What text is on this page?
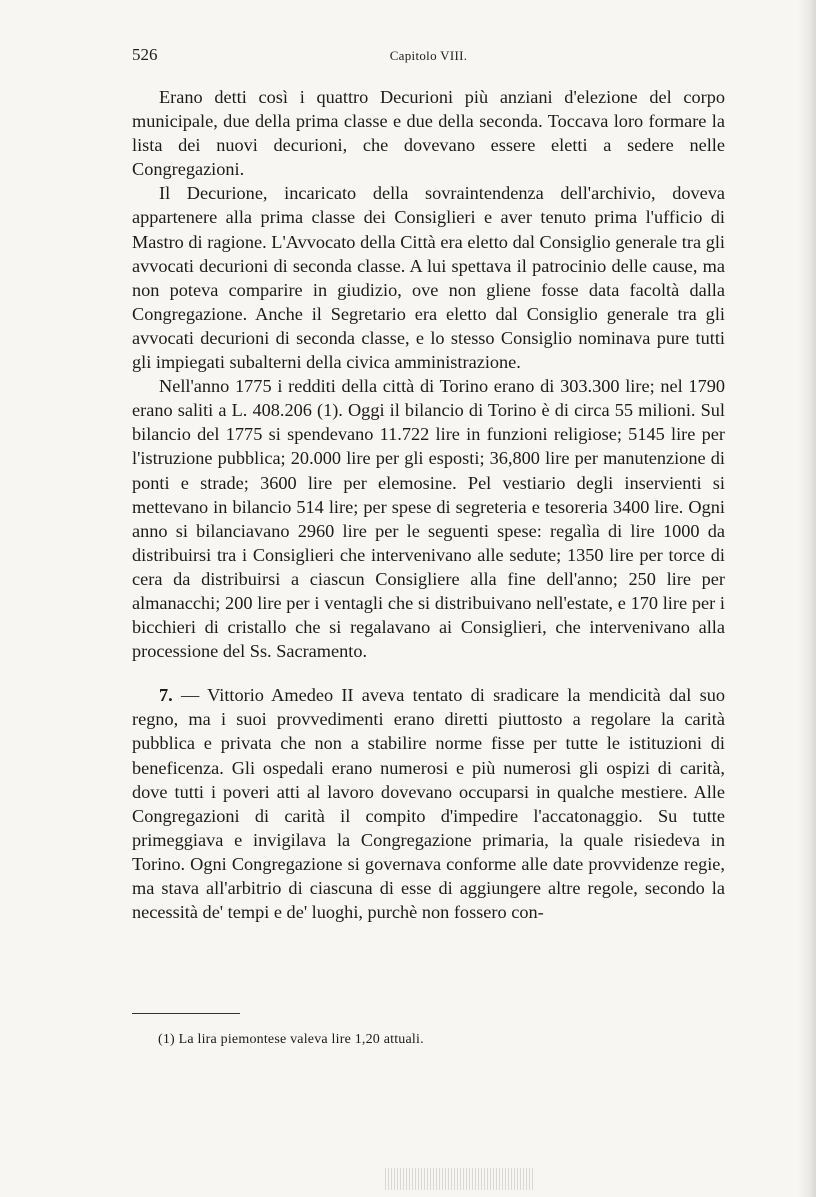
526	Capitolo VIII.

Erano detti così i quattro Decurioni più anziani d'elezione del corpo municipale, due della prima classe e due della seconda. Toccava loro formare la lista dei nuovi decurioni, che dovevano essere eletti a sedere nelle Congregazioni.

Il Decurione, incaricato della sovraintendenza dell'archivio, doveva appartenere alla prima classe dei Consiglieri e aver tenuto prima l'ufficio di Mastro di ragione. L'Avvocato della Città era eletto dal Consiglio generale tra gli avvocati decurioni di seconda classe. A lui spettava il patrocinio delle cause, ma non poteva comparire in giudizio, ove non gliene fosse data facoltà dalla Congregazione. Anche il Segretario era eletto dal Consiglio generale tra gli avvocati decurioni di seconda classe, e lo stesso Consiglio nominava pure tutti gli impiegati subalterni della civica amministrazione.

Nell'anno 1775 i redditi della città di Torino erano di 303.300 lire; nel 1790 erano saliti a L. 408.206 (1). Oggi il bilancio di Torino è di circa 55 milioni. Sul bilancio del 1775 si spendevano 11.722 lire in funzioni religiose; 5145 lire per l'istruzione pubblica; 20.000 lire per gli esposti; 36,800 lire per manutenzione di ponti e strade; 3600 lire per elemosine. Pel vestiario degli inservienti si mettevano in bilancio 514 lire; per spese di segreteria e tesoreria 3400 lire. Ogni anno si bilanciavano 2960 lire per le seguenti spese: regalìa di lire 1000 da distribuirsi tra i Consiglieri che intervenivano alle sedute; 1350 lire per torce di cera da distribuirsi a ciascun Consigliere alla fine dell'anno; 250 lire per almanacchi; 200 lire per i ventagli che si distribuivano nell'estate, e 170 lire per i bicchieri di cristallo che si regalavano ai Consiglieri, che intervenivano alla processione del Ss. Sacramento.

7. — Vittorio Amedeo II aveva tentato di sradicare la mendicità dal suo regno, ma i suoi provvedimenti erano diretti piuttosto a regolare la carità pubblica e privata che non a stabilire norme fisse per tutte le istituzioni di beneficenza. Gli ospedali erano numerosi e più numerosi gli ospizi di carità, dove tutti i poveri atti al lavoro dovevano occuparsi in qualche mestiere. Alle Congregazioni di carità il compito d'impedire l'accatonaggio. Su tutte primeggiava e invigilava la Congregazione primaria, la quale risiedeva in Torino. Ogni Congregazione si governava conforme alle date provvidenze regie, ma stava all'arbitrio di ciascuna di esse di aggiungere altre regole, secondo la necessità de' tempi e de' luoghi, purchè non fossero con-

(1) La lira piemontese valeva lire 1,20 attuali.
